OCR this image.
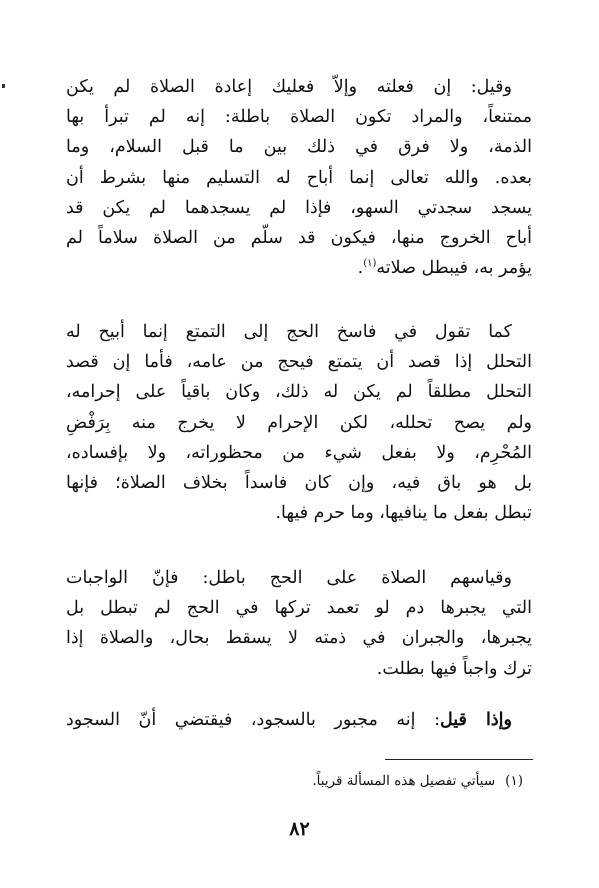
وقيل: إن فعلته وإلاّ فعليك إعادة الصلاة لم يكن
ممتنعاً، والمراد تكون الصلاة باطلة: إنه لم تبرأ بها
الذمة، ولا فرق في ذلك بين ما قبل السلام، وما
بعده. والله تعالى إنما أباح له التسليم منها بشرط أن
يسجد سجدتي السهو، فإذا لم يسجدهما لم يكن قد
أباح الخروج منها، فيكون قد سلّم من الصلاة سلاماً لم
يؤمر به، فيبطل صلاته$^{(١)}$.
كما تقول في فاسخ الحج إلى التمتع إنما أبيح له
التحلل إذا قصد أن يتمتع فيحج من عامه، فأما إن قصد
التحلل مطلقاً لم يكن له ذلك، وكان باقياً على إحرامه،
ولم يصح تحلله، لكن الإحرام لا يخرج منه بِرَفْضِ
المُحْرِم، ولا بفعل شيء من محظوراته، ولا بإفساده،
بل هو باق فيه، وإن كان فاسداً بخلاف الصلاة؛ فإنها
تبطل بفعل ما ينافيها، وما حرم فيها.
وقياسهم الصلاة على الحج باطل: فإنّ الواجبات
التي يجبرها دم لو تعمد تركها في الحج لم تبطل بل
يجبرها، والجبران في ذمته لا يسقط بحال، والصلاة إذا
ترك واجباً فيها بطلت.
وإذا قيل: إنه مجبور بالسجود، فيقتضي أنّ السجود
(١)سيأتي تفصيل هذه المسألة قريباً.
٨٢
